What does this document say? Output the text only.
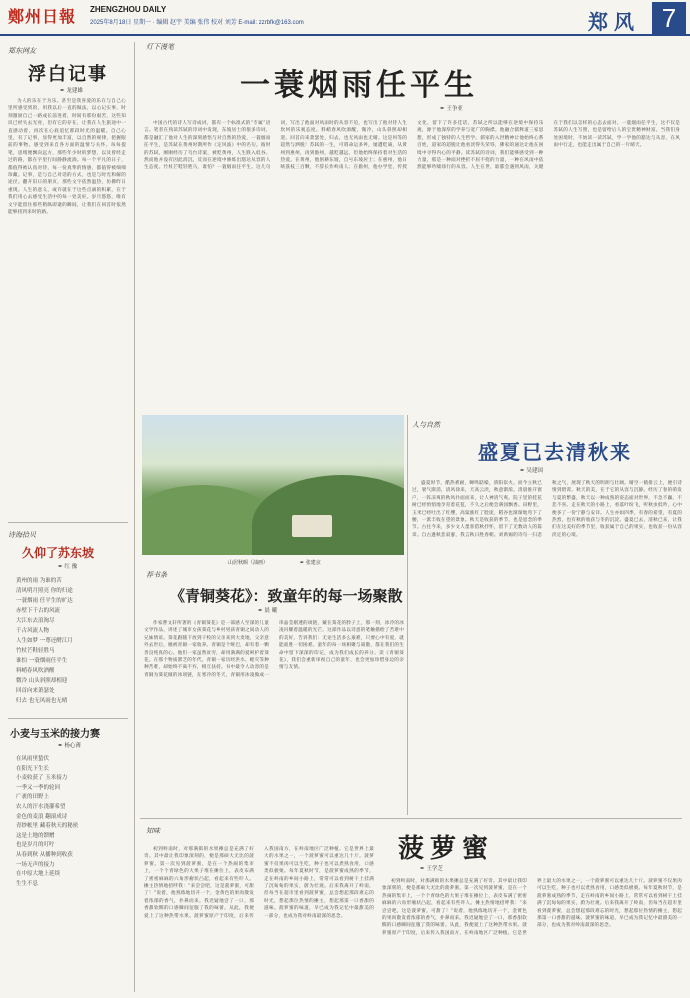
鄭州日報 ZHENGZHOU DAILY
2025年8月18日 星期一 · 编辑 赵宇 美编 张伟 校对 刘芳 E-mail: zzrbfk@163.com	郑风 7
郑东网友
浮白记事
✒ 龙建雄

为人的乐在于为乐。甚至是我喜爱的乐在与自己心里所感受到的，用我以后一直的做法，以心记实事，时刻激励自己一路成长前进着，时间有那份艰苦，这些知识已经失去光亮，但有它的存在，让我在人生旅途中一直感动着，再次在心底追忆那段时光的温暖。自己心里，有了记事，显得更加丰富，以自然的规律，把握眼前的事物。感受到来自各方面的温情与关怀。每每提笔，思绪便飘向远方，那些年少时的梦想，以及曾经走过的路，都在字里行间静静流淌。每一个平凡的日子，都值得被认真对待，每一份真挚的情感，都值得被细细珍藏。记事，是与自己对话的方式，也是与时光和解的途径。翻开旧日的册页，那些文字依然温热，仿佛昨日重现。人生的意义，或许就在于这些点滴的积累，在于我们用心去感受生活中的每一处美好。岁月悠悠，唯有文字能留住那些稍纵即逝的瞬间，让我们在回首时依然能够找到来时的路。

诗海拾贝
久仰了苏东坡
✒ 红 豫
黄州的雨 为谁的苦
清风明月照亮 你的归途
一蓑烟雨 任平生的旷达
赤壁下千古的风流
大江东去浪淘尽
千古风流人物
人生如梦 一尊还酹江月
竹杖芒鞋轻胜马
谁怕 一蓑烟雨任平生
料峭春风吹酒醒
微冷 山头斜照却相迎
回首向来萧瑟处
归去 也无风雨也无晴
小麦与玉米的接力赛
✒ 杨心薄
在风雨里蛰伏
在阳光下生长
小麦收获了 玉米接力
一季又一季的轮回
广袤的田野上
农人的汗水浇灌希望
金色的麦浪 翻滚成诗
青纱帐里 藏着秋天的秘密
这是土地的馈赠
也是岁月的叮咛
从春到秋 从播种到收获
一场无声的接力
在中原大地上延续
生生不息
灯下漫笔
一蓑烟雨任平生
✒ 王争亚

中国古代的诗人写诗成词，都有一个标准式的“专属”语言。笔者在熟读苏轼的诗词中发现，东坡居士的很多诗词，都是融汇了他对人生的深刻感悟与对自然的热爱，一蓑烟雨任平生，是苏轼在黄州时期所作《定风波》中的名句。彼时的苏轼，刚刚经历了乌台诗案，被贬黄州，人生跌入低谷。然而他并没有因此消沉，反而在逆境中修炼出豁达从容的人生态度。竹杖芒鞋轻胜马，谁怕？一蓑烟雨任平生。这几句词，写出了他面对风雨时的从容不迫，也写出了他对待人生坎坷的乐观态度。料峭春风吹酒醒，微冷，山头斜照却相迎。回首向来萧瑟处，归去，也无风雨也无晴。这是何等的超然与洒脱！苏轼的一生，可谓命运多舛，屡遭贬谪，从黄州到惠州，再到儋州，越贬越远，但他始终保持着对生活的热爱。在黄州，他躬耕东坡，自号东坡居士；在惠州，他日啖荔枝三百颗，不辞长作岭南人；在儋州，他办学堂，传授文化，留下了许多佳话。苏轼之所以能够在逆境中保持乐观，源于他深厚的学养与宽广的胸襟。他融合儒释道三家思想，形成了独特的人生哲学。儒家的入世精神让他始终心系百姓，道家的超脱让他看淡得失荣辱，佛家的通达让他在困境中寻得内心的平静。读苏轼的诗词，我们能够感受到一种力量，那是一种面对挫折不屈不挠的力量，一种在风雨中依然能够吟啸徐行的从容。人生在世，谁都会遇到风雨，关键在于我们以怎样的心态去面对。一蓑烟雨任平生，这不仅是苏轼的人生写照，也是留给后人的宝贵精神财富。当我们身处困境时，不妨读一读苏轼，学一学他的豁达与从容，在风雨中行走，也能走出属于自己的一片晴天。

山居秋暝（油画）	✒ 张建京
人与自然
盛夏已去清秋来
✒ 吴建国

盛夏时节，酷热难耐，蝉鸣聒噪，骄阳似火。而今立秋已过，暑气渐消，清风徐来，天高云淡，秋意渐浓。清晨推开窗户，一阵凉爽的秋风扑面而来，让人神清气爽。院子里的桂花树已经悄悄地孕育着花苞，不久之后便会满园飘香。田野里，玉米已经吐出了红缨，高粱涨红了脸庞，稻谷也渐渐地弯下了腰，一派丰收在望的景象。秋天是收获的季节，也是思念的季节。古往今来，多少文人墨客借秋抒怀，留下了无数动人的篇章。自古逢秋悲寂寥，我言秋日胜春朝。刘禹锡的诗句一扫悲秋之气，展现了秋天的明朗与壮阔。晴空一鹤排云上，便引诗情到碧霄。秋天的美，在于它的从容与沉静。经历了春的萌发与夏的繁盛，秋天以一种成熟的姿态面对世界，不急不躁，不悲不喜。走在秋天的小路上，看落叶纷飞，听秋虫低吟，心中便多了一份宁静与安详。人生亦如四季，有春的希望，有夏的热烈，也有秋的收获与冬的沉淀。盛夏已去，清秋已来，让我们在这美好的季节里，收获属于自己的果实，也收获一份从容淡定的心境。

荐书条
《青铜葵花》：致童年的每一场聚散
✒ 晨 曦

作家曹文轩所著的《青铜葵花》是一部感人至深的儿童文学作品，讲述了城市女孩葵花与乡村男孩青铜之间动人的兄妹情谊。葵花跟随下放到干校的父亲来到大麦地，父亲意外去世后，她被青铜一家收养。青铜是个哑巴，却有着一颗善良纯真的心。他们一家虽然贫穷，却用满满的爱呵护着葵花。在那个物质匮乏的年代，青铜一家历经洪水、蝗灾等种种苦难，却始终不离不弃，相互扶持。书中最令人动容的是青铜为葵花做的冰项链，在寒冷的冬天，青铜用冰凌做成一串晶莹剔透的项链，戴在葵花的脖子上，那一刻，冰冷的冰凌闪耀着温暖的光芒。这部作品以诗意的笔触描绘了苦难中的美好，告诉我们：无论生活多么艰难，只要心中有爱，就能战胜一切困难。童年的每一场相聚与离散，都在我们的生命中留下深深的印记，成为我们成长的养分。读《青铜葵花》，我们会重新审视自己的童年，也会更加珍惜身边的亲情与友情。

知味
菠萝蜜
✒ 王学芝

初到岭南时，对那满街的水果摊总是充满了好奇。其中最让我印象深刻的，便是那硕大无比的菠萝蜜。第一次见到菠萝蜜，是在一个热闹的集市上，一个个青绿色的大果子堆在摊位上，表皮布满了密密麻麻的六角形瘤状凸起，看起来有些吓人。摊主热情地招呼我：“来尝尝吧，这是菠萝蜜，可甜了！”说着，他熟练地切开一个，金黄色的果肉散发着浓郁的香气，扑鼻而来。我迟疑地尝了一口，那香甜软糯的口感瞬间征服了我的味蕾。从此，我便爱上了这种热带水果。菠萝蜜原产于印度，后来传入我国南方，在岭南地区广泛种植。它是世界上最大的水果之一，一个菠萝蜜可以重达几十斤。菠萝蜜不仅果肉可以生吃，种子也可以煮熟食用，口感类似板栗。每年夏秋时节，是菠萝蜜成熟的季节，走在岭南的乡间小路上，常常可以看到树干上挂满了沉甸甸的果实，蔚为壮观。后来我离开了岭南，但每当在超市里看到菠萝蜜，总会想起那段难忘的时光，想起那位热情的摊主，想起那第一口香甜的滋味。菠萝蜜的味道，早已成为我记忆中最甜美的一部分，也成为我对岭南最深的思念。

初到岭南时，对那满街的水果摊总是充满了好奇。其中最让我印象深刻的，便是那硕大无比的菠萝蜜。第一次见到菠萝蜜，是在一个热闹的集市上，一个个青绿色的大果子堆在摊位上，表皮布满了密密麻麻的六角形瘤状凸起，看起来有些吓人。摊主热情地招呼我：“来尝尝吧，这是菠萝蜜，可甜了！”说着，他熟练地切开一个，金黄色的果肉散发着浓郁的香气，扑鼻而来。我迟疑地尝了一口，那香甜软糯的口感瞬间征服了我的味蕾。从此，我便爱上了这种热带水果。菠萝蜜原产于印度，后来传入我国南方，在岭南地区广泛种植。它是世界上最大的水果之一，一个菠萝蜜可以重达几十斤。菠萝蜜不仅果肉可以生吃，种子也可以煮熟食用，口感类似板栗。每年夏秋时节，是菠萝蜜成熟的季节，走在岭南的乡间小路上，常常可以看到树干上挂满了沉甸甸的果实，蔚为壮观。后来我离开了岭南，但每当在超市里看到菠萝蜜，总会想起那段难忘的时光，想起那位热情的摊主，想起那第一口香甜的滋味。菠萝蜜的味道，早已成为我记忆中最甜美的一部分，也成为我对岭南最深的思念。
